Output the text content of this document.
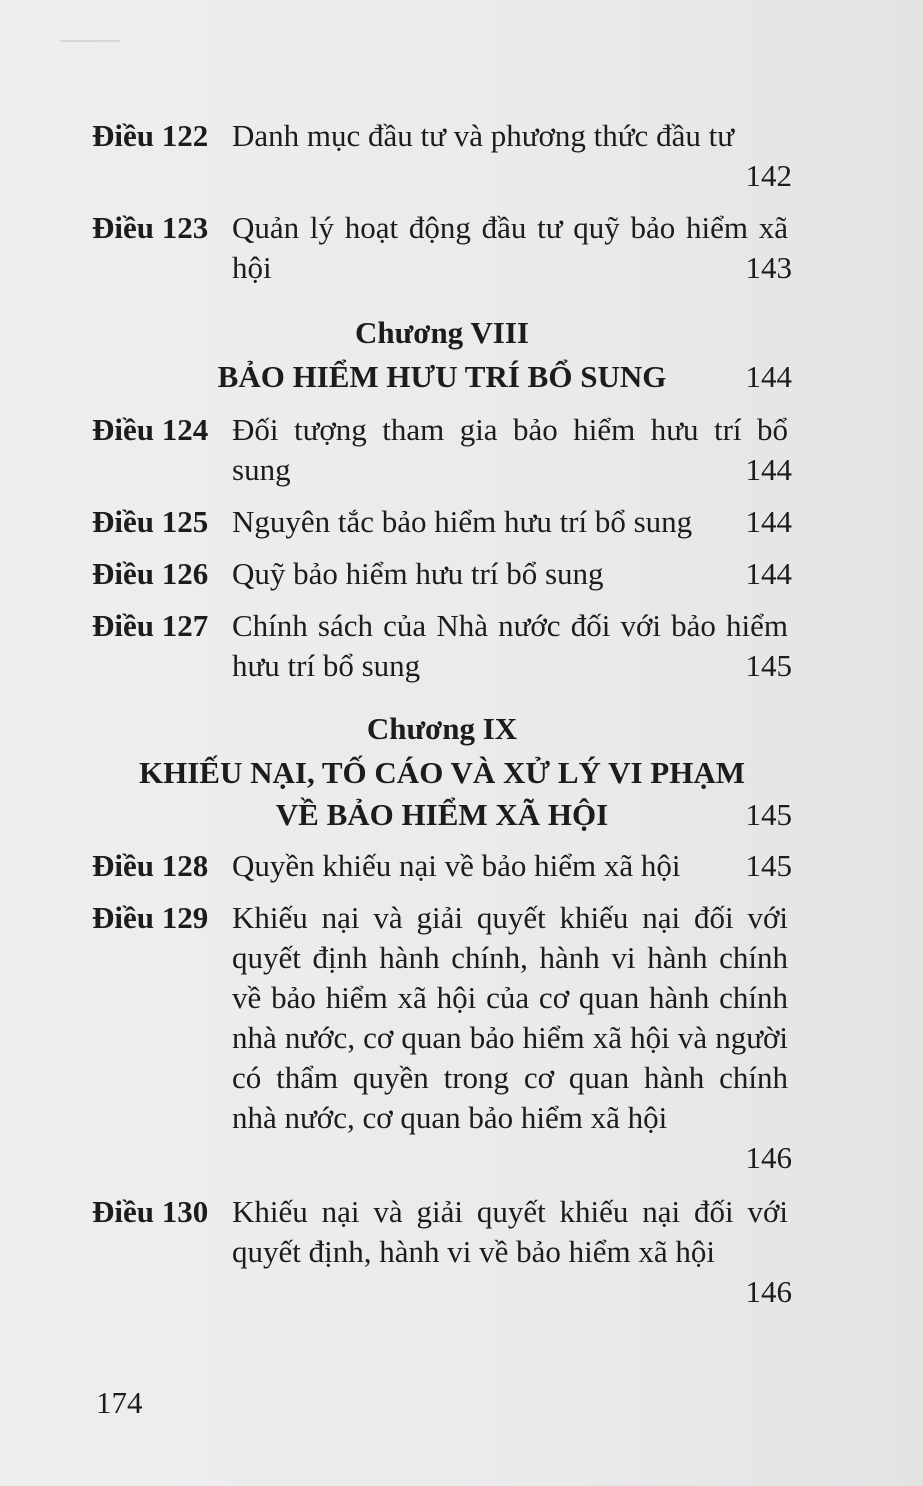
Điều 122 Danh mục đầu tư và phương thức đầu tư
142
Điều 123 Quản lý hoạt động đầu tư quỹ bảo hiểm xã hội	143
Chương VIII
BẢO HIỂM HƯU TRÍ BỔ SUNG	144
Điều 124 Đối tượng tham gia bảo hiểm hưu trí bổ sung	144
Điều 125 Nguyên tắc bảo hiểm hưu trí bổ sung	144
Điều 126 Quỹ bảo hiểm hưu trí bổ sung	144
Điều 127 Chính sách của Nhà nước đối với bảo hiểm hưu trí bổ sung	145
Chương IX
KHIẾU NẠI, TỐ CÁO VÀ XỬ LÝ VI PHẠM
VỀ BẢO HIỂM XÃ HỘI	145
Điều 128 Quyền khiếu nại về bảo hiểm xã hội	145
Điều 129 Khiếu nại và giải quyết khiếu nại đối với quyết định hành chính, hành vi hành chính về bảo hiểm xã hội của cơ quan hành chính nhà nước, cơ quan bảo hiểm xã hội và người có thẩm quyền trong cơ quan hành chính nhà nước, cơ quan bảo hiểm xã hội
146
Điều 130 Khiếu nại và giải quyết khiếu nại đối với quyết định, hành vi về bảo hiểm xã hội
146
174
